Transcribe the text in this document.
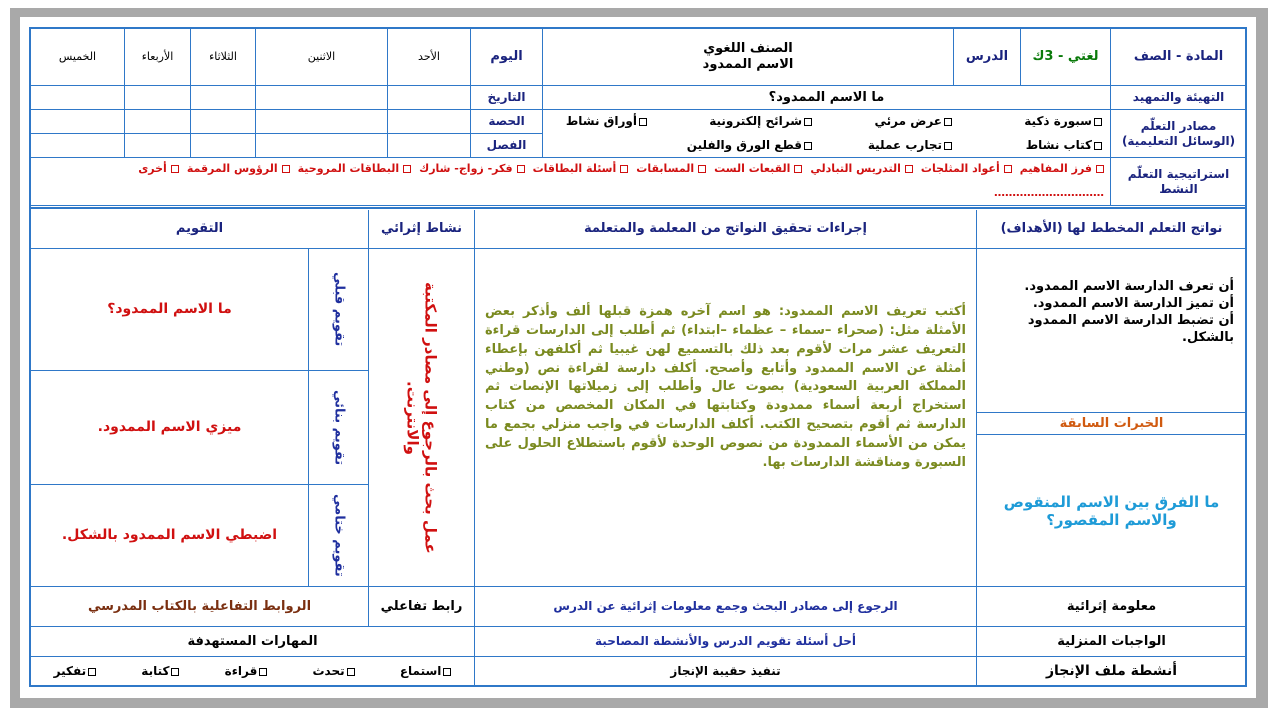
المادة - الصف
لغتي - 3ك
الدرس
الصنف اللغوي
الاسم الممدود
اليوم
الأحد
الاثنين
الثلاثاء
الأربعاء
الخميس
التهيئة والتمهيد
ما الاسم الممدود؟
التاريخ
مصادر التعلّم
(الوسائل التعليمية)
سبورة ذكية
عرض مرئي
شرائح إلكترونية
أوراق نشاط
كتاب نشاط
تجارب عملية
قطع الورق والفلين
الحصة
الفصل
استراتيجية التعلّم
النشط
فرز المفاهيم
أعواد المثلجات
التدريس التبادلي
القبعات الست
المسابقات
أسئلة البطاقات
فكر- زواج- شارك
البطاقات المروحية
الرؤوس المرقمة
أخرى
…………………………
نواتج التعلم المخطط لها (الأهداف)
إجراءات تحقيق النواتج من المعلمة والمتعلمة
نشاط إثرائي
التقويم
أن تعرف الدارسة الاسم الممدود.
أن تميز الدارسة الاسم الممدود.
أن تضبط الدارسة الاسم الممدود بالشكل.
الخبرات السابقة
ما الفرق بين الاسم المنقوص والاسم المقصور؟
أكتب تعريف الاسم الممدود: هو اسم آخره همزة قبلها ألف وأذكر بعض الأمثلة مثل: (صحراء –سماء – عظماء –ابتداء) ثم أطلب إلى الدارسات قراءة التعريف عشر مرات لأقوم بعد ذلك بالتسميع لهن غيبيا ثم أكلفهن بإعطاء أمثلة عن الاسم الممدود وأتابع وأصحح. أكلف دارسة لقراءة نص (وطني المملكة العربية السعودية) بصوت عال وأطلب إلى زميلاتها الإنصات ثم استخراج أربعة أسماء ممدودة وكتابتها في المكان المخصص من كتاب الدارسة ثم أقوم بتصحيح الكتب. أكلف الدارسات في واجب منزلي بجمع ما يمكن من الأسماء الممدودة من نصوص الوحدة لأقوم باستطلاع الحلول على السبورة ومناقشة الدارسات بها.
عمل بحث بالرجوع إلى مصادر المكتبة والانترنت.
تقويم قبلي
ما الاسم الممدود؟
تقويم بنائي
ميزي الاسم الممدود.
تقويم ختامي
اضبطي الاسم الممدود بالشكل.
معلومة إثرائية
الرجوع إلى مصادر البحث وجمع معلومات إثرائية عن الدرس
رابط تفاعلي
الروابط التفاعلية بالكتاب المدرسي
الواجبات المنزلية
أحل أسئلة تقويم الدرس والأنشطة المصاحبة
المهارات المستهدفة
أنشطة ملف الإنجاز
تنفيذ حقيبة الإنجاز
استماع
تحدث
قراءة
كتابة
تفكير
